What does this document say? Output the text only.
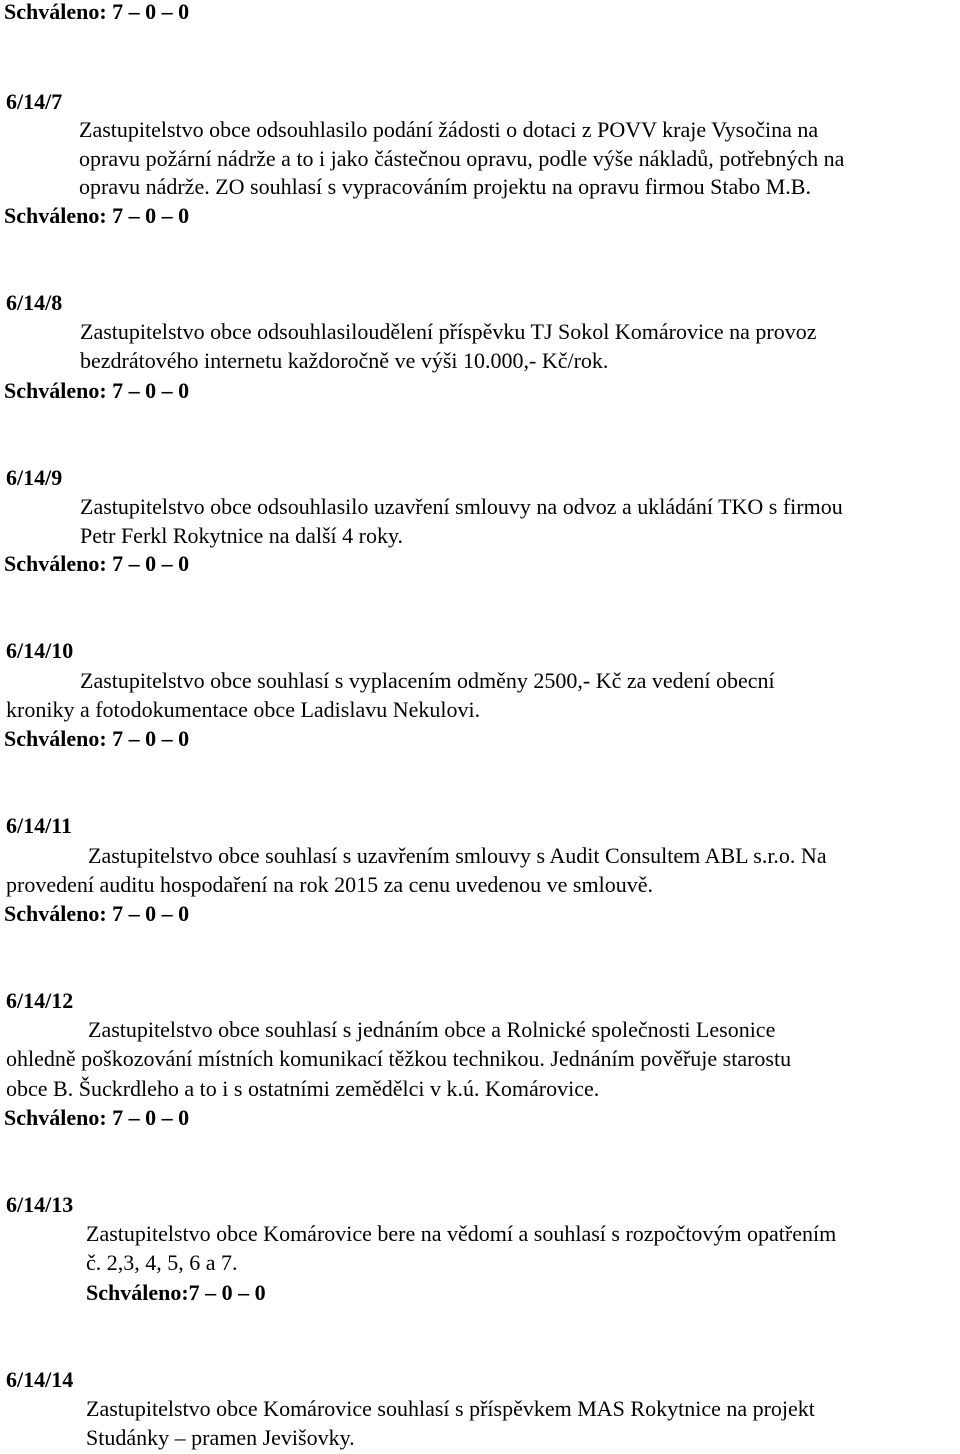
Schváleno: 7 – 0 – 0
6/14/7
Zastupitelstvo obce odsouhlasilo podání žádosti o dotaci z POVV kraje Vysočina na
opravu požární nádrže a to i jako částečnou opravu, podle výše nákladů, potřebných na
opravu nádrže. ZO souhlasí s vypracováním projektu na opravu firmou Stabo M.B.
Schváleno: 7 – 0 – 0
6/14/8
Zastupitelstvo obce odsouhlasiloudělení příspěvku TJ Sokol Komárovice na provoz
bezdrátového internetu každoročně ve výši 10.000,- Kč/rok.
Schváleno: 7 – 0 – 0
6/14/9
Zastupitelstvo obce odsouhlasilo uzavření smlouvy na odvoz a ukládání TKO s firmou
Petr Ferkl Rokytnice na další 4 roky.
Schváleno: 7 – 0 – 0
6/14/10
Zastupitelstvo obce souhlasí s vyplacením odměny 2500,- Kč za vedení obecní
kroniky a fotodokumentace obce Ladislavu Nekulovi.
Schváleno: 7 – 0 – 0
6/14/11
Zastupitelstvo obce souhlasí s uzavřením smlouvy s Audit Consultem ABL s.r.o. Na
provedení auditu hospodaření na rok 2015 za cenu uvedenou ve smlouvě.
Schváleno: 7 – 0 – 0
6/14/12
Zastupitelstvo obce souhlasí s jednáním obce a Rolnické společnosti Lesonice
ohledně poškozování místních komunikací těžkou technikou. Jednáním pověřuje starostu
obce B. Šuckrdleho a to i s ostatními zemědělci v k.ú. Komárovice.
Schváleno: 7 – 0 – 0
6/14/13
Zastupitelstvo obce Komárovice bere na vědomí a souhlasí s rozpočtovým opatřením
č. 2,3, 4, 5, 6 a 7.
Schváleno:7 – 0 – 0
6/14/14
Zastupitelstvo obce Komárovice souhlasí s příspěvkem MAS Rokytnice na projekt
Studánky – pramen Jevišovky.
